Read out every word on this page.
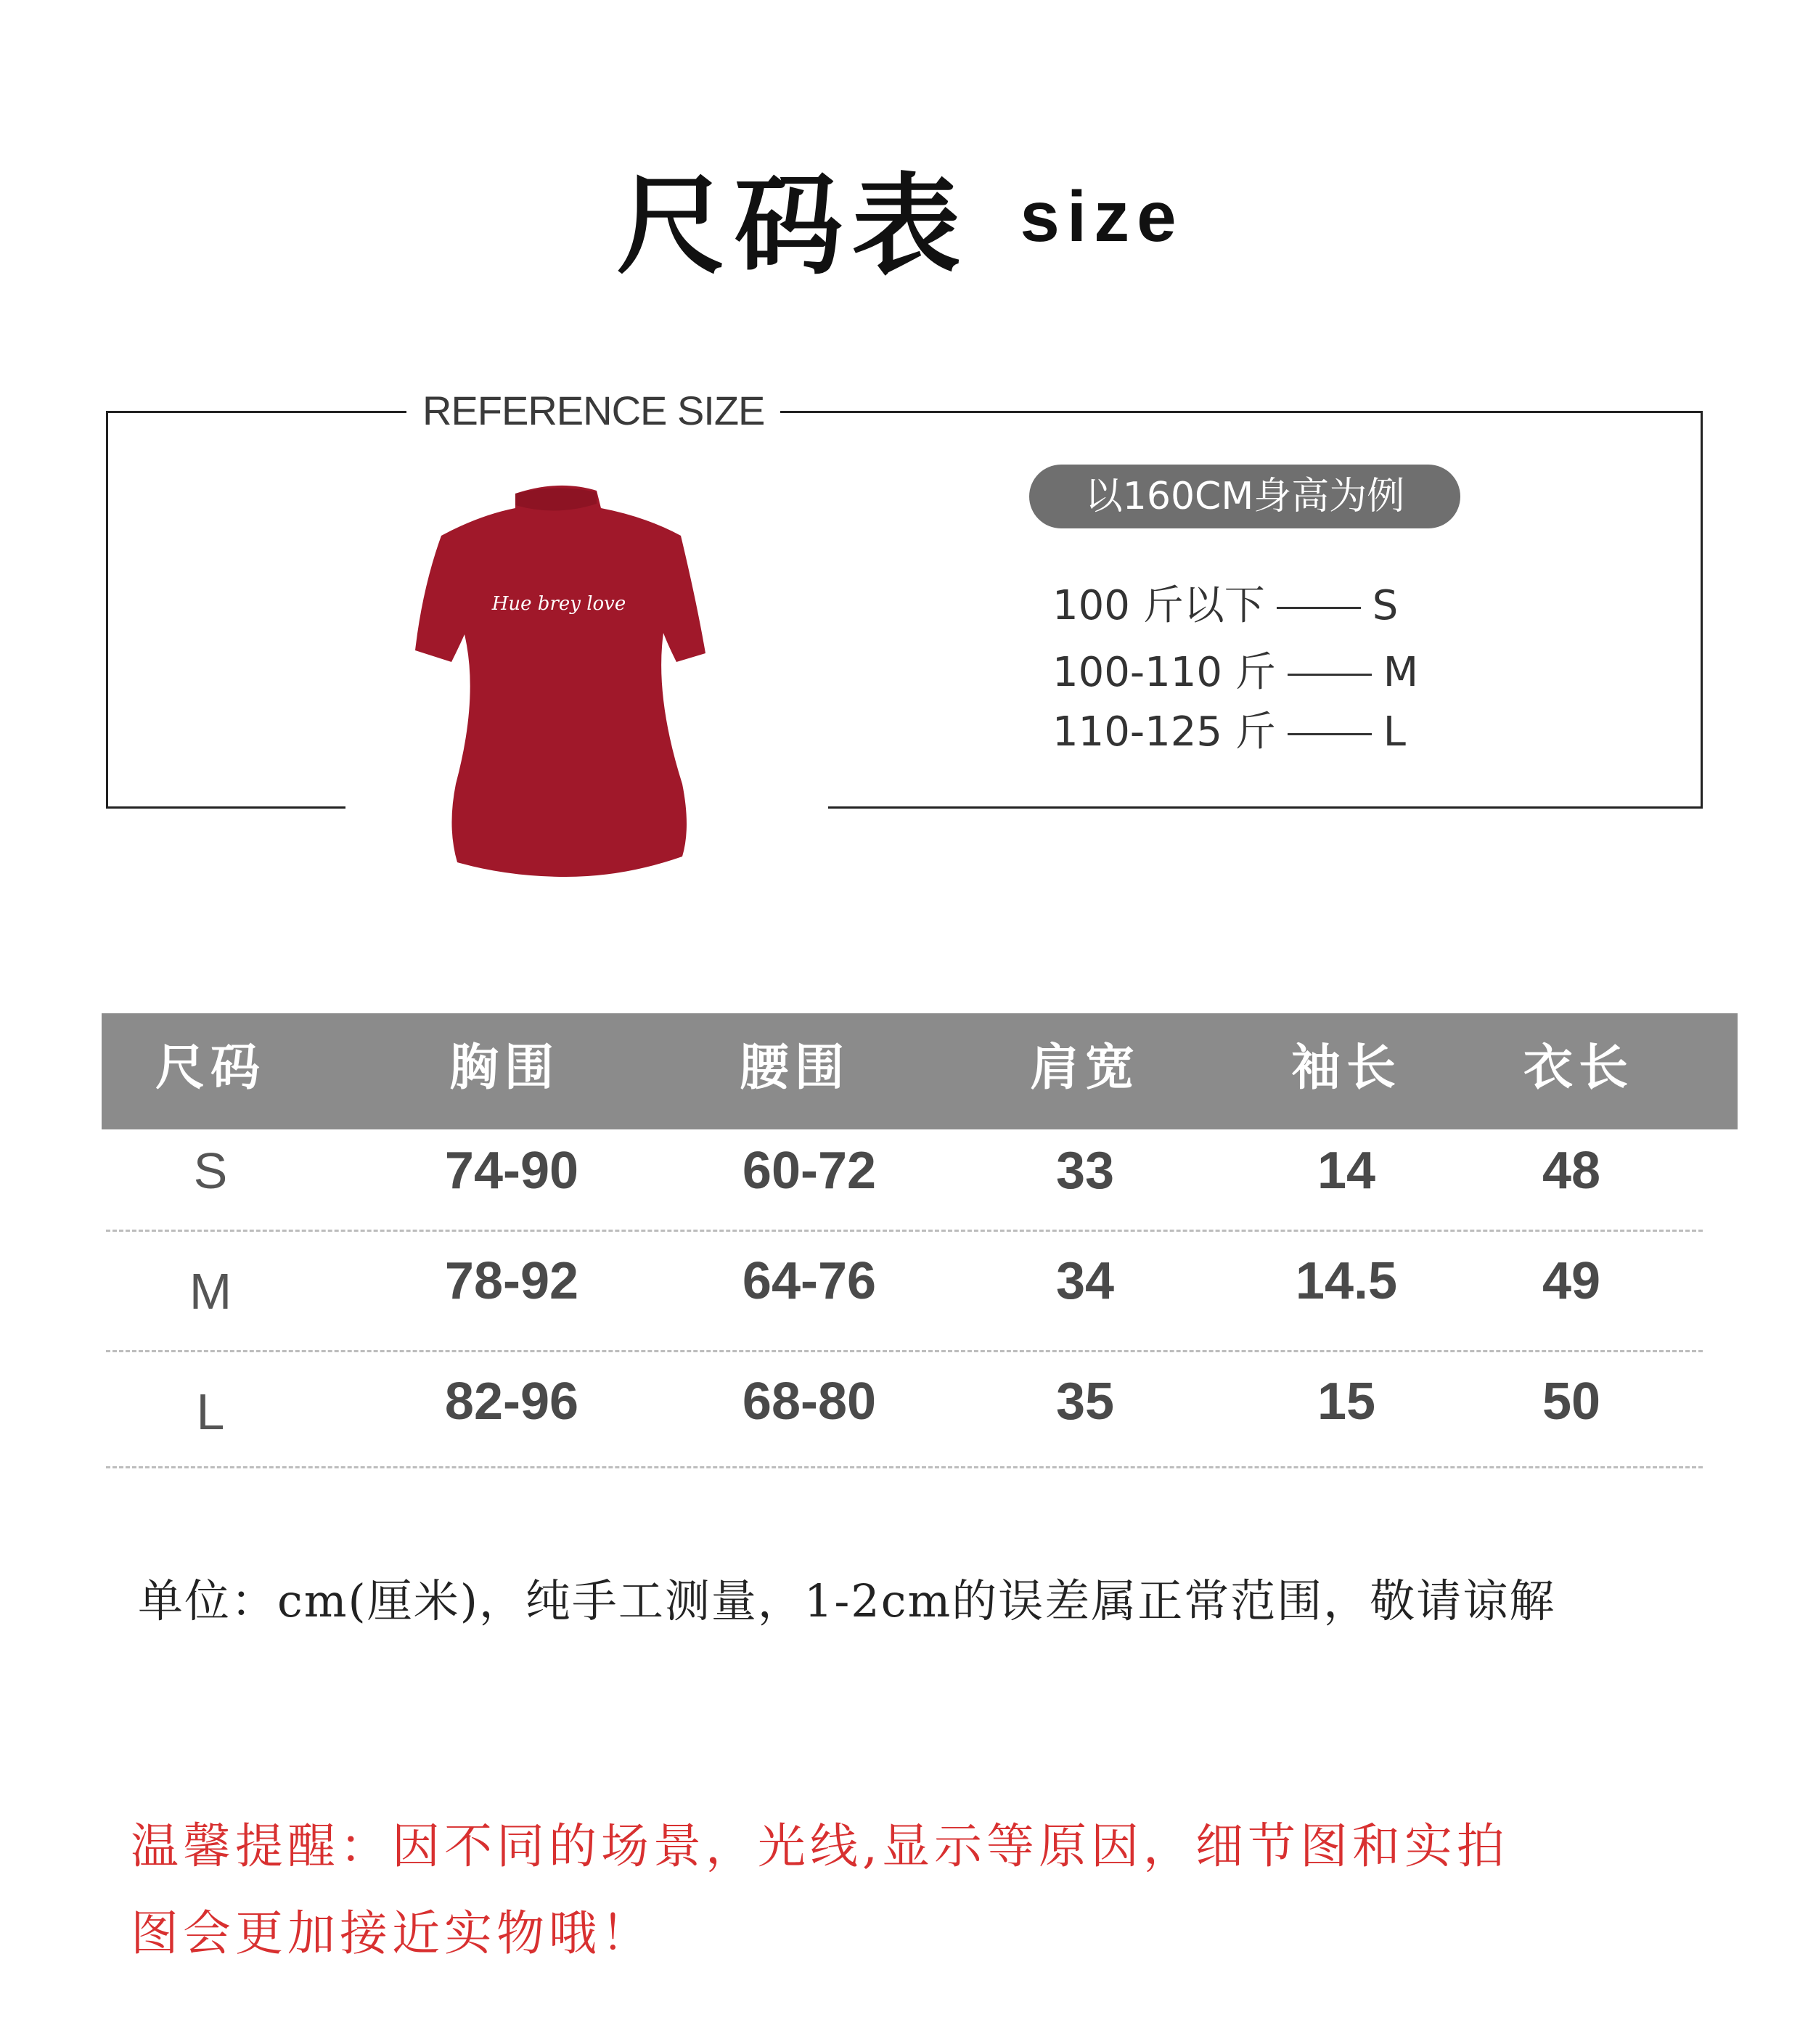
尺码表 size
REFERENCE SIZE
Hue brey love
以160CM身高为例
100 斤以下	S
100-110 斤	M
110-125 斤	L
尺码	胸围	腰围	肩宽	袖长	衣长
S	74-90	60-72	33	14	48
M	78-92	64-76	34	14.5	49
L	82-96	68-80	35	15	50
单位：cm(厘米)，纯手工测量，1-2cm的误差属正常范围，敬请谅解
温馨提醒：因不同的场景，光线,显示等原因，细节图和实拍
图会更加接近实物哦！
